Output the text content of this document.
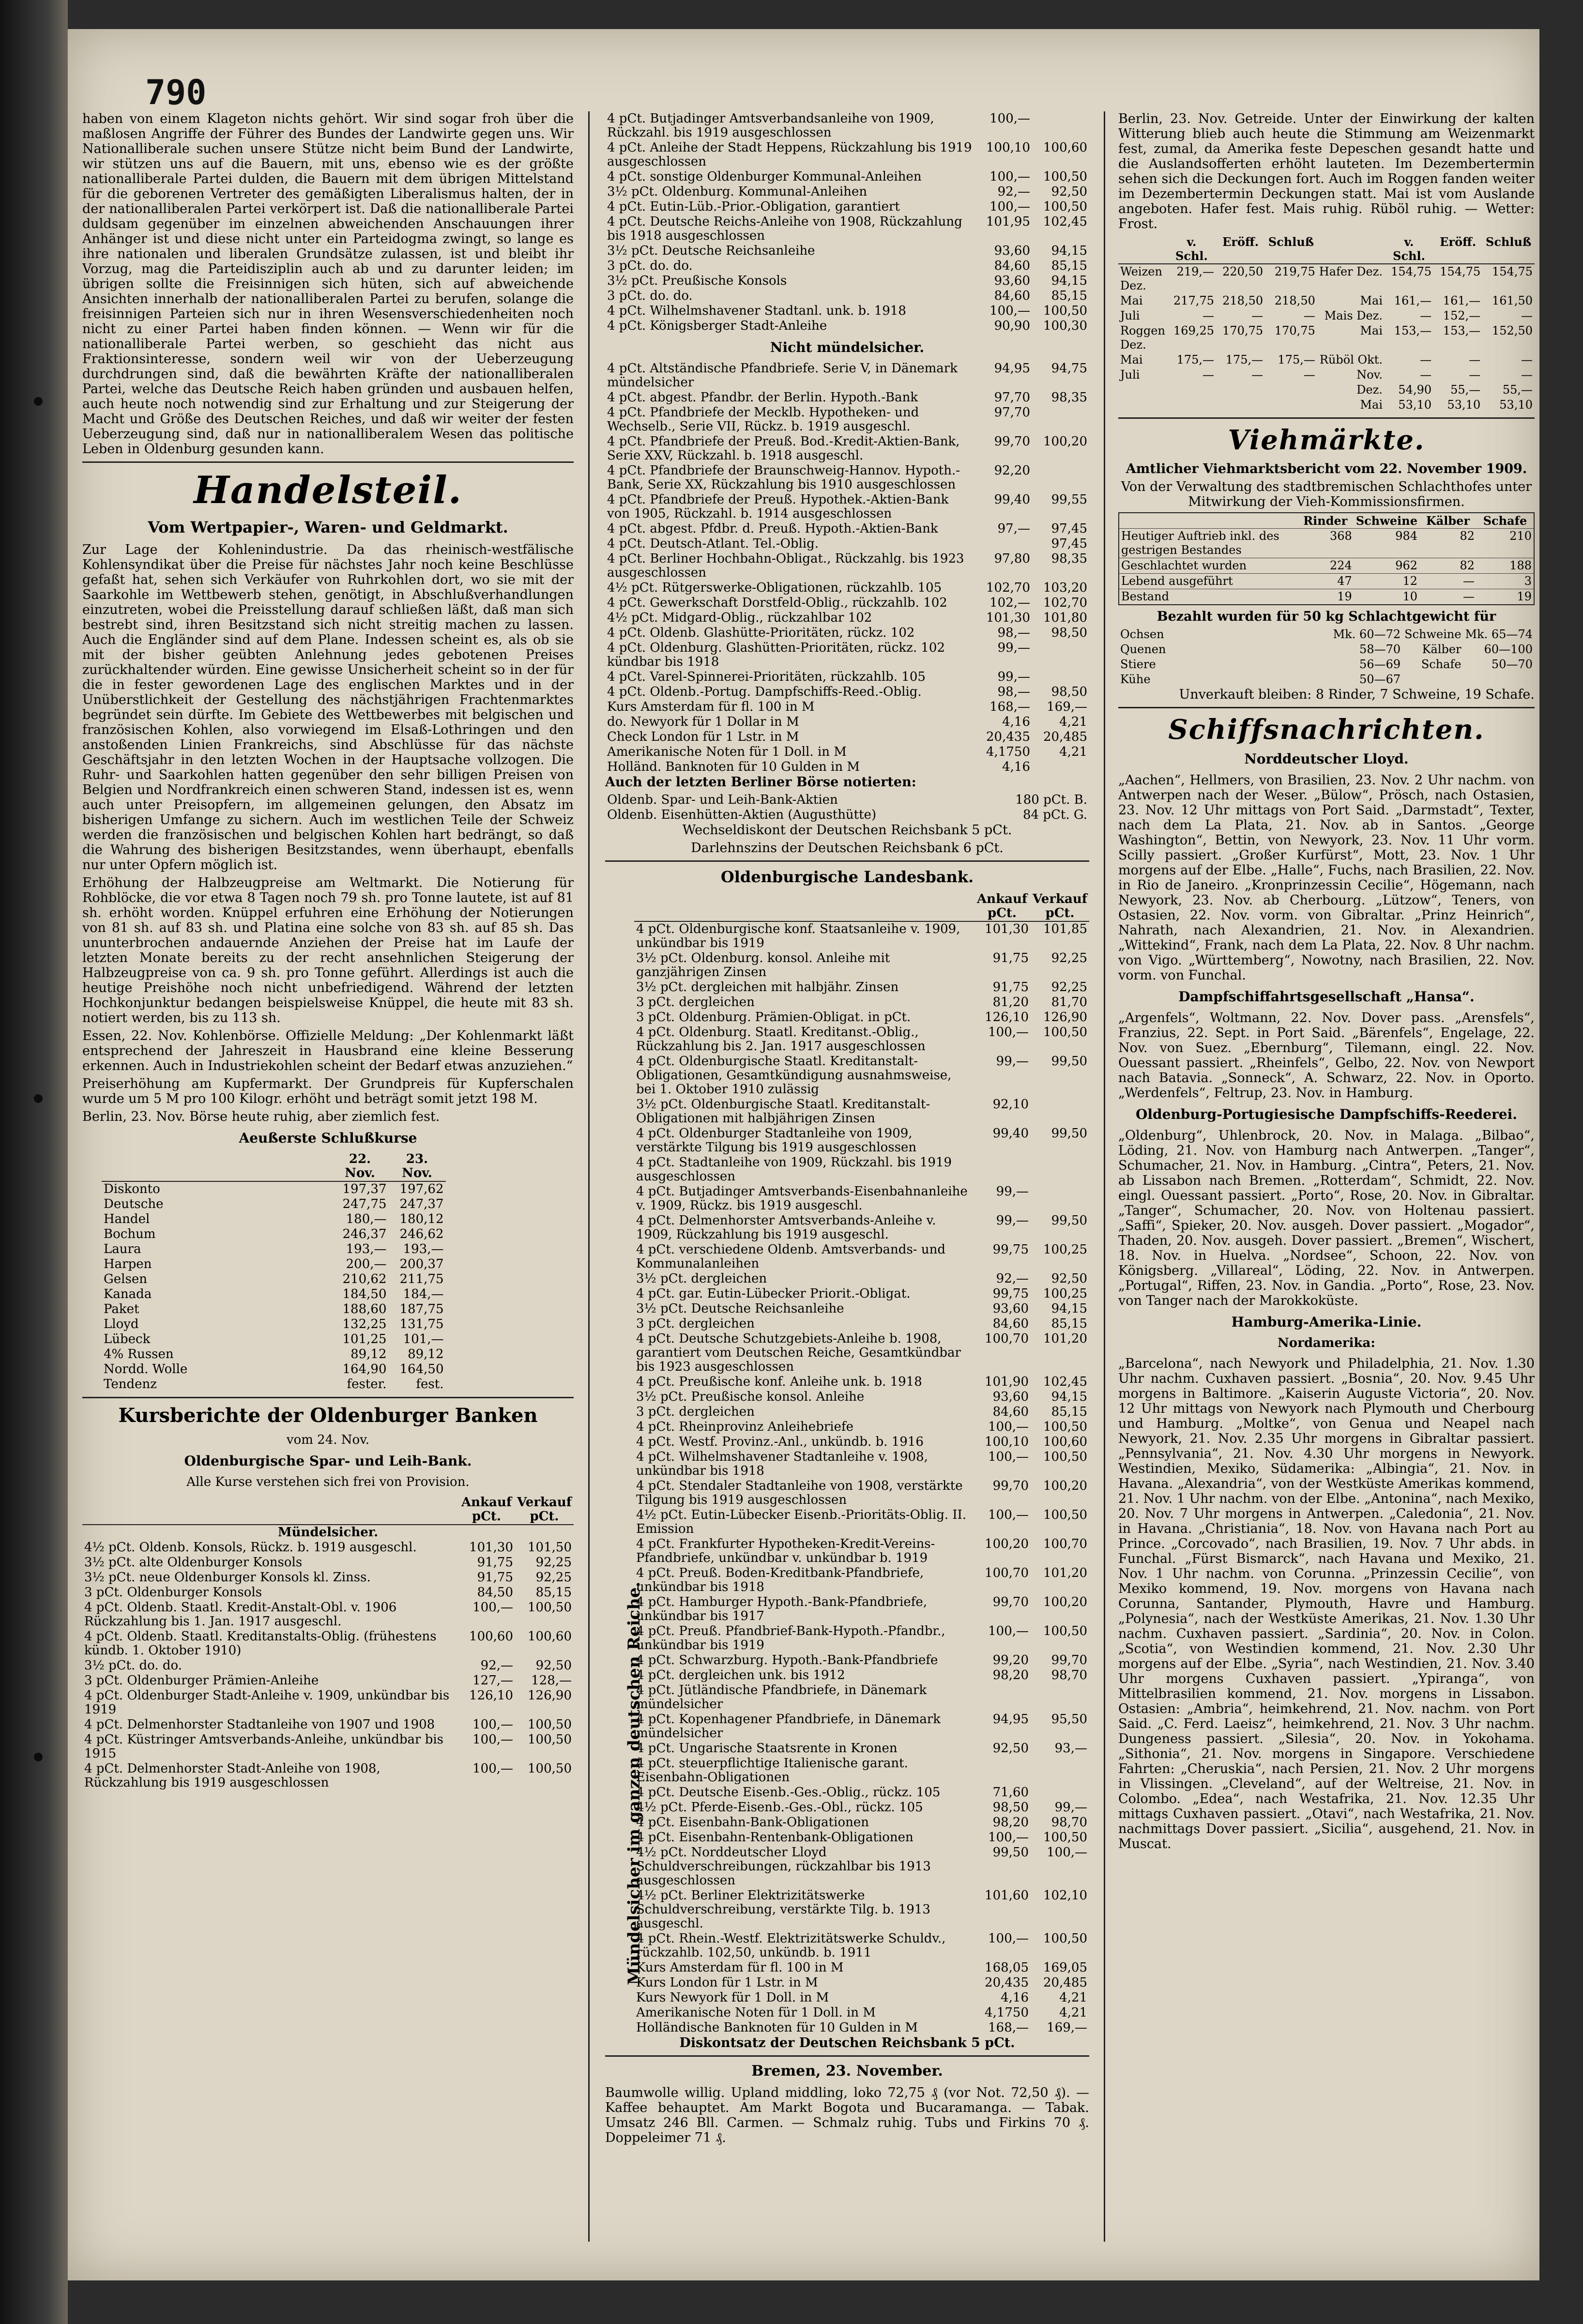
790

haben von einem Klageton nichts gehört. Wir sind sogar froh über die maßlosen Angriffe der Führer des Bundes der Landwirte gegen uns. Wir Nationalliberale suchen unsere Stütze nicht beim Bund der Landwirte, wir stützen uns auf die Bauern, mit uns, ebenso wie es der größte nationalliberale Partei dulden, die Bauern mit dem übrigen Mittelstand für die geborenen Vertreter des gemäßigten Liberalismus halten, der in der nationalliberalen Partei verkörpert ist. Daß die nationalliberale Partei duldsam gegenüber im einzelnen abweichenden Anschauungen ihrer Anhänger ist und diese nicht unter ein Parteidogma zwingt, so lange es ihre nationalen und liberalen Grundsätze zulassen, ist und bleibt ihr Vorzug, mag die Parteidisziplin auch ab und zu darunter leiden; im übrigen sollte die Freisinnigen sich hüten, sich auf abweichende Ansichten innerhalb der nationalliberalen Partei zu berufen, solange die freisinnigen Parteien sich nur in ihren Wesensverschiedenheiten noch nicht zu einer Partei haben finden können. — Wenn wir für die nationalliberale Partei werben, so geschieht das nicht aus Fraktionsinteresse, sondern weil wir von der Ueberzeugung durchdrungen sind, daß die bewährten Kräfte der nationalliberalen Partei, welche das Deutsche Reich haben gründen und ausbauen helfen, auch heute noch notwendig sind zur Erhaltung und zur Steigerung der Macht und Größe des Deutschen Reiches, und daß wir weiter der festen Ueberzeugung sind, daß nur in nationalliberalem Wesen das politische Leben in Oldenburg gesunden kann.

Handelsteil.
Vom Wertpapier-, Waren- und Geldmarkt.

Zur Lage der Kohlenindustrie. Da das rheinisch-westfälische Kohlensyndikat über die Preise für nächstes Jahr noch keine Beschlüsse gefaßt hat, sehen sich Verkäufer von Ruhrkohlen dort, wo sie mit der Saarkohle im Wettbewerb stehen, genötigt, in Abschlußverhandlungen einzutreten, wobei die Preisstellung darauf schließen läßt, daß man sich bestrebt sind, ihren Besitzstand sich nicht streitig machen zu lassen. Auch die Engländer sind auf dem Plane. Indessen scheint es, als ob sie mit der bisher geübten Anlehnung jedes gebotenen Preises zurückhaltender würden. Eine gewisse Unsicherheit scheint so in der für die in fester gewordenen Lage des englischen Marktes und in der Unüberstlichkeit der Gestellung des nächstjährigen Frachtenmarktes begründet sein dürfte. Im Gebiete des Wettbewerbes mit belgischen und französischen Kohlen, also vorwiegend im Elsaß-Lothringen und den anstoßenden Linien Frankreichs, sind Abschlüsse für das nächste Geschäftsjahr in den letzten Wochen in der Hauptsache vollzogen. Die Ruhr- und Saarkohlen hatten gegenüber den sehr billigen Preisen von Belgien und Nordfrankreich einen schweren Stand, indessen ist es, wenn auch unter Preisopfern, im allgemeinen gelungen, den Absatz im bisherigen Umfange zu sichern. Auch im westlichen Teile der Schweiz werden die französischen und belgischen Kohlen hart bedrängt, so daß die Wahrung des bisherigen Besitzstandes, wenn überhaupt, ebenfalls nur unter Opfern möglich ist.

Erhöhung der Halbzeugpreise am Weltmarkt. Die Notierung für Rohblöcke, die vor etwa 8 Tagen noch 79 sh. pro Tonne lautete, ist auf 81 sh. erhöht worden. Knüppel erfuhren eine Erhöhung der Notierungen von 81 sh. auf 83 sh. und Platina eine solche von 83 sh. auf 85 sh. Das ununterbrochen andauernde Anziehen der Preise hat im Laufe der letzten Monate bereits zu der recht ansehnlichen Steigerung der Halbzeugpreise von ca. 9 sh. pro Tonne geführt. Allerdings ist auch die heutige Preishöhe noch nicht unbefriedigend. Während der letzten Hochkonjunktur bedangen beispielsweise Knüppel, die heute mit 83 sh. notiert werden, bis zu 113 sh.

Essen, 22. Nov. Kohlenbörse. Offizielle Meldung: „Der Kohlenmarkt läßt entsprechend der Jahreszeit in Hausbrand eine kleine Besserung erkennen. Auch in Industriekohlen scheint der Bedarf etwas anzuziehen.“

Preiserhöhung am Kupfermarkt. Der Grundpreis für Kupferschalen wurde um 5 M pro 100 Kilogr. erhöht und beträgt somit jetzt 198 M.

Berlin, 23. Nov. Börse heute ruhig, aber ziemlich fest.

Aeußerste Schlußkurse
	22. Nov.	23. Nov.
Diskonto	197,37	197,62
Deutsche	247,75	247,37
Handel	180,—	180,12
Bochum	246,37	246,62
Laura	193,—	193,—
Harpen	200,—	200,37
Gelsen	210,62	211,75
Kanada	184,50	184,—
Paket	188,60	187,75
Lloyd	132,25	131,75
Lübeck	101,25	101,—
4% Russen	89,12	89,12
Nordd. Wolle	164,90	164,50
Tendenz	fester.	fest.
Kursberichte der Oldenburger Banken
vom 24. Nov.
Oldenburgische Spar- und Leih-Bank.
Alle Kurse verstehen sich frei von Provision.
	Ankauf pCt.	Verkauf pCt.
Mündelsicher.		
4½ pCt. Oldenb. Konsols, Rückz. b. 1919 ausgeschl.	101,30	101,50
3½ pCt. alte Oldenburger Konsols	91,75	92,25
3½ pCt. neue Oldenburger Konsols kl. Zinss.	91,75	92,25
3 pCt. Oldenburger Konsols	84,50	85,15
4 pCt. Oldenb. Staatl. Kredit-Anstalt-Obl. v. 1906 Rückzahlung bis 1. Jan. 1917 ausgeschl.	100,—	100,50
4 pCt. Oldenb. Staatl. Kreditanstalts-Oblig. (frühestens kündb. 1. Oktober 1910)	100,60	100,60
3½ pCt. do. do.	92,—	92,50
3 pCt. Oldenburger Prämien-Anleihe	127,—	128,—
4 pCt. Oldenburger Stadt-Anleihe v. 1909, unkündbar bis 1919	126,10	126,90
4 pCt. Delmenhorster Stadtanleihe von 1907 und 1908	100,—	100,50
4 pCt. Küstringer Amtsverbands-Anleihe, unkündbar bis 1915	100,—	100,50
4 pCt. Delmenhorster Stadt-Anleihe von 1908, Rückzahlung bis 1919 ausgeschlossen	100,—	100,50
4 pCt. Butjadinger Amtsverbandsanleihe von 1909, Rückzahl. bis 1919 ausgeschlossen	100,—	
4 pCt. Anleihe der Stadt Heppens, Rückzahlung bis 1919 ausgeschlossen	100,10	100,60
4 pCt. sonstige Oldenburger Kommunal-Anleihen	100,—	100,50
3½ pCt. Oldenburg. Kommunal-Anleihen	92,—	92,50
4 pCt. Eutin-Lüb.-Prior.-Obligation, garantiert	100,—	100,50
4 pCt. Deutsche Reichs-Anleihe von 1908, Rückzahlung bis 1918 ausgeschlossen	101,95	102,45
3½ pCt. Deutsche Reichsanleihe	93,60	94,15
3 pCt. do. do.	84,60	85,15
3½ pCt. Preußische Konsols	93,60	94,15
3 pCt. do. do.	84,60	85,15
4 pCt. Wilhelmshavener Stadtanl. unk. b. 1918	100,—	100,50
4 pCt. Königsberger Stadt-Anleihe	90,90	100,30
Nicht mündelsicher.
4 pCt. Altständische Pfandbriefe. Serie V, in Dänemark mündelsicher	94,95	94,75
4 pCt. abgest. Pfandbr. der Berlin. Hypoth.-Bank	97,70	98,35
4 pCt. Pfandbriefe der Mecklb. Hypotheken- und Wechselb., Serie VII, Rückz. b. 1919 ausgeschl.	97,70	
4 pCt. Pfandbriefe der Preuß. Bod.-Kredit-Aktien-Bank, Serie XXV, Rückzahl. b. 1918 ausgeschl.	99,70	100,20
4 pCt. Pfandbriefe der Braunschweig-Hannov. Hypoth.-Bank, Serie XX, Rückzahlung bis 1910 ausgeschlossen	92,20	
4 pCt. Pfandbriefe der Preuß. Hypothek.-Aktien-Bank von 1905, Rückzahl. b. 1914 ausgeschlossen	99,40	99,55
4 pCt. abgest. Pfdbr. d. Preuß. Hypoth.-Aktien-Bank	97,—	97,45
4 pCt. Deutsch-Atlant. Tel.-Oblig.		97,45
4 pCt. Berliner Hochbahn-Obligat., Rückzahlg. bis 1923 ausgeschlossen	97,80	98,35
4½ pCt. Rütgerswerke-Obligationen, rückzahlb. 105	102,70	103,20
4 pCt. Gewerkschaft Dorstfeld-Oblig., rückzahlb. 102	102,—	102,70
4½ pCt. Midgard-Oblig., rückzahlbar 102	101,30	101,80
4 pCt. Oldenb. Glashütte-Prioritäten, rückz. 102	98,—	98,50
4 pCt. Oldenburg. Glashütten-Prioritäten, rückz. 102 kündbar bis 1918	99,—	
4 pCt. Varel-Spinnerei-Prioritäten, rückzahlb. 105	99,—	
4 pCt. Oldenb.-Portug. Dampfschiffs-Reed.-Oblig.	98,—	98,50
Kurs Amsterdam für fl. 100 in M	168,—	169,—
do. Newyork für 1 Dollar in M	4,16	4,21
Check London für 1 Lstr. in M	20,435	20,485
Amerikanische Noten für 1 Doll. in M	4,1750	4,21
Holländ. Banknoten für 10 Gulden in M	4,16	

Auch der letzten Berliner Börse notierten:

Oldenb. Spar- und Leih-Bank-Aktien	180 pCt. B.
Oldenb. Eisenhütten-Aktien (Augusthütte)	84 pCt. G.

Wechseldiskont der Deutschen Reichsbank 5 pCt.

Darlehnszins der Deutschen Reichsbank 6 pCt.

Oldenburgische Landesbank.
	Ankauf pCt.	Verkauf pCt.
4 pCt. Oldenburgische konf. Staatsanleihe v. 1909, unkündbar bis 1919	101,30	101,85
3½ pCt. Oldenburg. konsol. Anleihe mit ganzjährigen Zinsen	91,75	92,25
3½ pCt. dergleichen mit halbjähr. Zinsen	91,75	92,25
3 pCt. dergleichen	81,20	81,70
3 pCt. Oldenburg. Prämien-Obligat. in pCt.	126,10	126,90
4 pCt. Oldenburg. Staatl. Kreditanst.-Oblig., Rückzahlung bis 2. Jan. 1917 ausgeschlossen	100,—	100,50
4 pCt. Oldenburgische Staatl. Kreditanstalt-Obligationen, Gesamtkündigung ausnahmsweise, bei 1. Oktober 1910 zulässig	99,—	99,50
3½ pCt. Oldenburgische Staatl. Kreditanstalt-Obligationen mit halbjährigen Zinsen	92,10	
4 pCt. Oldenburger Stadtanleihe von 1909, verstärkte Tilgung bis 1919 ausgeschlossen	99,40	99,50
4 pCt. Stadtanleihe von 1909, Rückzahl. bis 1919 ausgeschlossen		
4 pCt. Butjadinger Amtsverbands-Eisenbahnanleihe v. 1909, Rückz. bis 1919 ausgeschl.	99,—	
4 pCt. Delmenhorster Amtsverbands-Anleihe v. 1909, Rückzahlung bis 1919 ausgeschl.	99,—	99,50
4 pCt. verschiedene Oldenb. Amtsverbands- und Kommunalanleihen	99,75	100,25
3½ pCt. dergleichen	92,—	92,50
4 pCt. gar. Eutin-Lübecker Priorit.-Obligat.	99,75	100,25
3½ pCt. Deutsche Reichsanleihe	93,60	94,15
3 pCt. dergleichen	84,60	85,15
4 pCt. Deutsche Schutzgebiets-Anleihe b. 1908, garantiert vom Deutschen Reiche, Gesamtkündbar bis 1923 ausgeschlossen	100,70	101,20
4 pCt. Preußische konf. Anleihe unk. b. 1918	101,90	102,45
3½ pCt. Preußische konsol. Anleihe	93,60	94,15
3 pCt. dergleichen	84,60	85,15
4 pCt. Rheinprovinz Anleihebriefe	100,—	100,50
4 pCt. Westf. Provinz.-Anl., unkündb. b. 1916	100,10	100,60
4 pCt. Wilhelmshavener Stadtanleihe v. 1908, unkündbar bis 1918	100,—	100,50
4 pCt. Stendaler Stadtanleihe von 1908, verstärkte Tilgung bis 1919 ausgeschlossen	99,70	100,20
4½ pCt. Eutin-Lübecker Eisenb.-Prioritäts-Oblig. II. Emission	100,—	100,50
4 pCt. Frankfurter Hypotheken-Kredit-Vereins-Pfandbriefe, unkündbar v. unkündbar b. 1919	100,20	100,70
4 pCt. Preuß. Boden-Kreditbank-Pfandbriefe, unkündbar bis 1918	100,70	101,20
4 pCt. Hamburger Hypoth.-Bank-Pfandbriefe, unkündbar bis 1917	99,70	100,20
4 pCt. Preuß. Pfandbrief-Bank-Hypoth.-Pfandbr., unkündbar bis 1919	100,—	100,50
4 pCt. Schwarzburg. Hypoth.-Bank-Pfandbriefe	99,20	99,70
4 pCt. dergleichen unk. bis 1912	98,20	98,70
4 pCt. Jütländische Pfandbriefe, in Dänemark mündelsicher		
4 pCt. Kopenhagener Pfandbriefe, in Dänemark mündelsicher	94,95	95,50
4 pCt. Ungarische Staatsrente in Kronen	92,50	93,—
4 pCt. steuerpflichtige Italienische garant. Eisenbahn-Obligationen		
4 pCt. Deutsche Eisenb.-Ges.-Oblig., rückz. 105	71,60	
4½ pCt. Pferde-Eisenb.-Ges.-Obl., rückz. 105	98,50	99,—
4 pCt. Eisenbahn-Bank-Obligationen	98,20	98,70
4 pCt. Eisenbahn-Rentenbank-Obligationen	100,—	100,50
4½ pCt. Norddeutscher Lloyd Schuldverschreibungen, rückzahlbar bis 1913 ausgeschlossen	99,50	100,—
4½ pCt. Berliner Elektrizitätswerke Schuldverschreibung, verstärkte Tilg. b. 1913 ausgeschl.	101,60	102,10
4 pCt. Rhein.-Westf. Elektrizitätswerke Schuldv., rückzahlb. 102,50, unkündb. b. 1911	100,—	100,50
Kurs Amsterdam für fl. 100 in M	168,05	169,05
Kurs London für 1 Lstr. in M	20,435	20,485
Kurs Newyork für 1 Doll. in M	4,16	4,21
Amerikanische Noten für 1 Doll. in M	4,1750	4,21
Holländische Banknoten für 10 Gulden in M	168,—	169,—

Diskontsatz der Deutschen Reichsbank 5 pCt.

Bremen, 23. November.

Baumwolle willig. Upland middling, loko 72,75 ₰ (vor Not. 72,50 ₰). — Kaffee behauptet. Am Markt Bogota und Bucaramanga. — Tabak. Umsatz 246 Bll. Carmen. — Schmalz ruhig. Tubs und Firkins 70 ₰. Doppeleimer 71 ₰.

Mündelsicher im ganzen deutschen Reiche.

Berlin, 23. Nov. Getreide. Unter der Einwirkung der kalten Witterung blieb auch heute die Stimmung am Weizenmarkt fest, zumal, da Amerika feste Depeschen gesandt hatte und die Auslandsofferten erhöht lauteten. Im Dezembertermin sehen sich die Deckungen fort. Auch im Roggen fanden weiter im Dezembertermin Deckungen statt. Mai ist vom Auslande angeboten. Hafer fest. Mais ruhig. Rüböl ruhig. — Wetter: Frost.

	v. Schl.	Eröff.	Schluß		v. Schl.	Eröff.	Schluß
Weizen Dez.	219,—	220,50	219,75	Hafer Dez.	154,75	154,75	154,75
Mai	217,75	218,50	218,50	Mai	161,—	161,—	161,50
Juli	—	—	—	Mais Dez.	—	152,—	—
Roggen Dez.	169,25	170,75	170,75	Mai	153,—	153,—	152,50
Mai	175,—	175,—	175,—	Rüböl Okt.	—	—	—
Juli	—	—	—	Nov.	—	—	—
				Dez.	54,90	55,—	55,—
				Mai	53,10	53,10	53,10
Viehmärkte.

Amtlicher Viehmarktsbericht vom 22. November 1909.

Von der Verwaltung des stadtbremischen Schlachthofes unter Mitwirkung der Vieh-Kommissionsfirmen.

	Rinder	Schweine	Kälber	Schafe
Heutiger Auftrieb inkl. des gestrigen Bestandes	368	984	82	210
Geschlachtet wurden	224	962	82	188
Lebend ausgeführt	47	12	—	3
Bestand	19	10	—	19

Bezahlt wurden für 50 kg Schlachtgewicht für

Ochsen	Mk. 60—72	Schweine	Mk. 65—74
Quenen	58—70	Kälber	60—100
Stiere	56—69	Schafe	50—70
Kühe	50—67		

Unverkauft bleiben: 8 Rinder, 7 Schweine, 19 Schafe.

Schiffsnachrichten.
Norddeutscher Lloyd.

„Aachen“, Hellmers, von Brasilien, 23. Nov. 2 Uhr nachm. von Antwerpen nach der Weser. „Bülow“, Prösch, nach Ostasien, 23. Nov. 12 Uhr mittags von Port Said. „Darmstadt“, Texter, nach dem La Plata, 21. Nov. ab in Santos. „George Washington“, Bettin, von Newyork, 23. Nov. 11 Uhr vorm. Scilly passiert. „Großer Kurfürst“, Mott, 23. Nov. 1 Uhr morgens auf der Elbe. „Halle“, Fuchs, nach Brasilien, 22. Nov. in Rio de Janeiro. „Kronprinzessin Cecilie“, Högemann, nach Newyork, 23. Nov. ab Cherbourg. „Lützow“, Teners, von Ostasien, 22. Nov. vorm. von Gibraltar. „Prinz Heinrich“, Nahrath, nach Alexandrien, 21. Nov. in Alexandrien. „Wittekind“, Frank, nach dem La Plata, 22. Nov. 8 Uhr nachm. von Vigo. „Württemberg“, Nowotny, nach Brasilien, 22. Nov. vorm. von Funchal.

Dampfschiffahrtsgesellschaft „Hansa“.

„Argenfels“, Woltmann, 22. Nov. Dover pass. „Arensfels“, Franzius, 22. Sept. in Port Said. „Bärenfels“, Engelage, 22. Nov. von Suez. „Ebernburg“, Tilemann, eingl. 22. Nov. Ouessant passiert. „Rheinfels“, Gelbo, 22. Nov. von Newport nach Batavia. „Sonneck“, A. Schwarz, 22. Nov. in Oporto. „Werdenfels“, Feltrup, 23. Nov. in Hamburg.

Oldenburg-Portugiesische Dampfschiffs-Reederei.

„Oldenburg“, Uhlenbrock, 20. Nov. in Malaga. „Bilbao“, Löding, 21. Nov. von Hamburg nach Antwerpen. „Tanger“, Schumacher, 21. Nov. in Hamburg. „Cintra“, Peters, 21. Nov. ab Lissabon nach Bremen. „Rotterdam“, Schmidt, 22. Nov. eingl. Ouessant passiert. „Porto“, Rose, 20. Nov. in Gibraltar. „Tanger“, Schumacher, 20. Nov. von Holtenau passiert. „Saffi“, Spieker, 20. Nov. ausgeh. Dover passiert. „Mogador“, Thaden, 20. Nov. ausgeh. Dover passiert. „Bremen“, Wischert, 18. Nov. in Huelva. „Nordsee“, Schoon, 22. Nov. von Königsberg. „Villareal“, Löding, 22. Nov. in Antwerpen. „Portugal“, Riffen, 23. Nov. in Gandia. „Porto“, Rose, 23. Nov. von Tanger nach der Marokkoküste.

Hamburg-Amerika-Linie.
Nordamerika:

„Barcelona“, nach Newyork und Philadelphia, 21. Nov. 1.30 Uhr nachm. Cuxhaven passiert. „Bosnia“, 20. Nov. 9.45 Uhr morgens in Baltimore. „Kaiserin Auguste Victoria“, 20. Nov. 12 Uhr mittags von Newyork nach Plymouth und Cherbourg und Hamburg. „Moltke“, von Genua und Neapel nach Newyork, 21. Nov. 2.35 Uhr morgens in Gibraltar passiert. „Pennsylvania“, 21. Nov. 4.30 Uhr morgens in Newyork. Westindien, Mexiko, Südamerika: „Albingia“, 21. Nov. in Havana. „Alexandria“, von der Westküste Amerikas kommend, 21. Nov. 1 Uhr nachm. von der Elbe. „Antonina“, nach Mexiko, 20. Nov. 7 Uhr morgens in Antwerpen. „Caledonia“, 21. Nov. in Havana. „Christiania“, 18. Nov. von Havana nach Port au Prince. „Corcovado“, nach Brasilien, 19. Nov. 7 Uhr abds. in Funchal. „Fürst Bismarck“, nach Havana und Mexiko, 21. Nov. 1 Uhr nachm. von Corunna. „Prinzessin Cecilie“, von Mexiko kommend, 19. Nov. morgens von Havana nach Corunna, Santander, Plymouth, Havre und Hamburg. „Polynesia“, nach der Westküste Amerikas, 21. Nov. 1.30 Uhr nachm. Cuxhaven passiert. „Sardinia“, 20. Nov. in Colon. „Scotia“, von Westindien kommend, 21. Nov. 2.30 Uhr morgens auf der Elbe. „Syria“, nach Westindien, 21. Nov. 3.40 Uhr morgens Cuxhaven passiert. „Ypiranga“, von Mittelbrasilien kommend, 21. Nov. morgens in Lissabon. Ostasien: „Ambria“, heimkehrend, 21. Nov. nachm. von Port Said. „C. Ferd. Laeisz“, heimkehrend, 21. Nov. 3 Uhr nachm. Dungeness passiert. „Silesia“, 20. Nov. in Yokohama. „Sithonia“, 21. Nov. morgens in Singapore. Verschiedene Fahrten: „Cheruskia“, nach Persien, 21. Nov. 2 Uhr morgens in Vlissingen. „Cleveland“, auf der Weltreise, 21. Nov. in Colombo. „Edea“, nach Westafrika, 21. Nov. 12.35 Uhr mittags Cuxhaven passiert. „Otavi“, nach Westafrika, 21. Nov. nachmittags Dover passiert. „Sicilia“, ausgehend, 21. Nov. in Muscat.
